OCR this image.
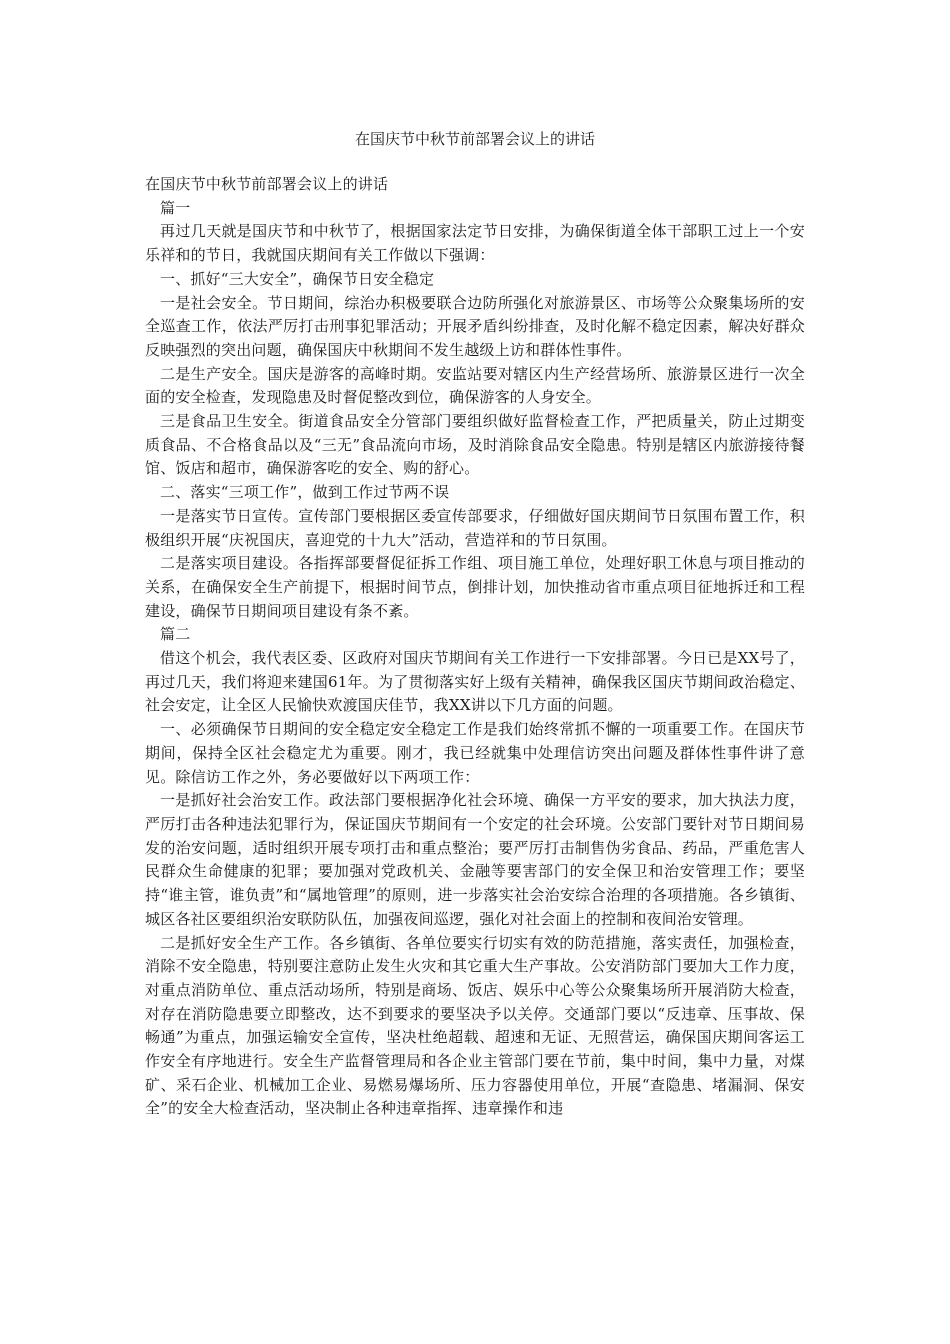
在国庆节中秋节前部署会议上的讲话

在国庆节中秋节前部署会议上的讲话

篇一

再过几天就是国庆节和中秋节了，根据国家法定节日安排，为确保街道全体干部职工过上一个安乐祥和的节日，我就国庆期间有关工作做以下强调：

一、抓好“三大安全”，确保节日安全稳定

一是社会安全。节日期间，综治办积极要联合边防所强化对旅游景区、市场等公众聚集场所的安全巡查工作，依法严厉打击刑事犯罪活动；开展矛盾纠纷排查，及时化解不稳定因素，解决好群众反映强烈的突出问题，确保国庆中秋期间不发生越级上访和群体性事件。

二是生产安全。国庆是游客的高峰时期。安监站要对辖区内生产经营场所、旅游景区进行一次全面的安全检查，发现隐患及时督促整改到位，确保游客的人身安全。

三是食品卫生安全。街道食品安全分管部门要组织做好监督检查工作，严把质量关，防止过期变质食品、不合格食品以及“三无”食品流向市场，及时消除食品安全隐患。特别是辖区内旅游接待餐馆、饭店和超市，确保游客吃的安全、购的舒心。

二、落实“三项工作”，做到工作过节两不误

一是落实节日宣传。宣传部门要根据区委宣传部要求，仔细做好国庆期间节日氛围布置工作，积极组织开展“庆祝国庆，喜迎党的十九大”活动，营造祥和的节日氛围。

二是落实项目建设。各指挥部要督促征拆工作组、项目施工单位，处理好职工休息与项目推动的关系，在确保安全生产前提下，根据时间节点，倒排计划，加快推动省市重点项目征地拆迁和工程建设，确保节日期间项目建设有条不紊。

篇二

借这个机会，我代表区委、区政府对国庆节期间有关工作进行一下安排部署。今日已是XX号了，再过几天，我们将迎来建国61年。为了贯彻落实好上级有关精神，确保我区国庆节期间政治稳定、社会安定，让全区人民愉快欢渡国庆佳节，我XX讲以下几方面的问题。

一、必须确保节日期间的安全稳定安全稳定工作是我们始终常抓不懈的一项重要工作。在国庆节期间，保持全区社会稳定尤为重要。刚才，我已经就集中处理信访突出问题及群体性事件讲了意见。除信访工作之外，务必要做好以下两项工作：

一是抓好社会治安工作。政法部门要根据净化社会环境、确保一方平安的要求，加大执法力度，严厉打击各种违法犯罪行为，保证国庆节期间有一个安定的社会环境。公安部门要针对节日期间易发的治安问题，适时组织开展专项打击和重点整治；要严厉打击制售伪劣食品、药品，严重危害人民群众生命健康的犯罪；要加强对党政机关、金融等要害部门的安全保卫和治安管理工作；要坚持“谁主管，谁负责”和“属地管理”的原则，进一步落实社会治安综合治理的各项措施。各乡镇街、城区各社区要组织治安联防队伍，加强夜间巡逻，强化对社会面上的控制和夜间治安管理。

二是抓好安全生产工作。各乡镇街、各单位要实行切实有效的防范措施，落实责任，加强检查，消除不安全隐患，特别要注意防止发生火灾和其它重大生产事故。公安消防部门要加大工作力度，对重点消防单位、重点活动场所，特别是商场、饭店、娱乐中心等公众聚集场所开展消防大检查，对存在消防隐患要立即整改，达不到要求的要坚决予以关停。交通部门要以“反违章、压事故、保畅通”为重点，加强运输安全宣传，坚决杜绝超载、超速和无证、无照营运，确保国庆期间客运工作安全有序地进行。安全生产监督管理局和各企业主管部门要在节前，集中时间，集中力量，对煤矿、采石企业、机械加工企业、易燃易爆场所、压力容器使用单位，开展“查隐患、堵漏洞、保安全”的安全大检查活动，坚决制止各种违章指挥、违章操作和违
